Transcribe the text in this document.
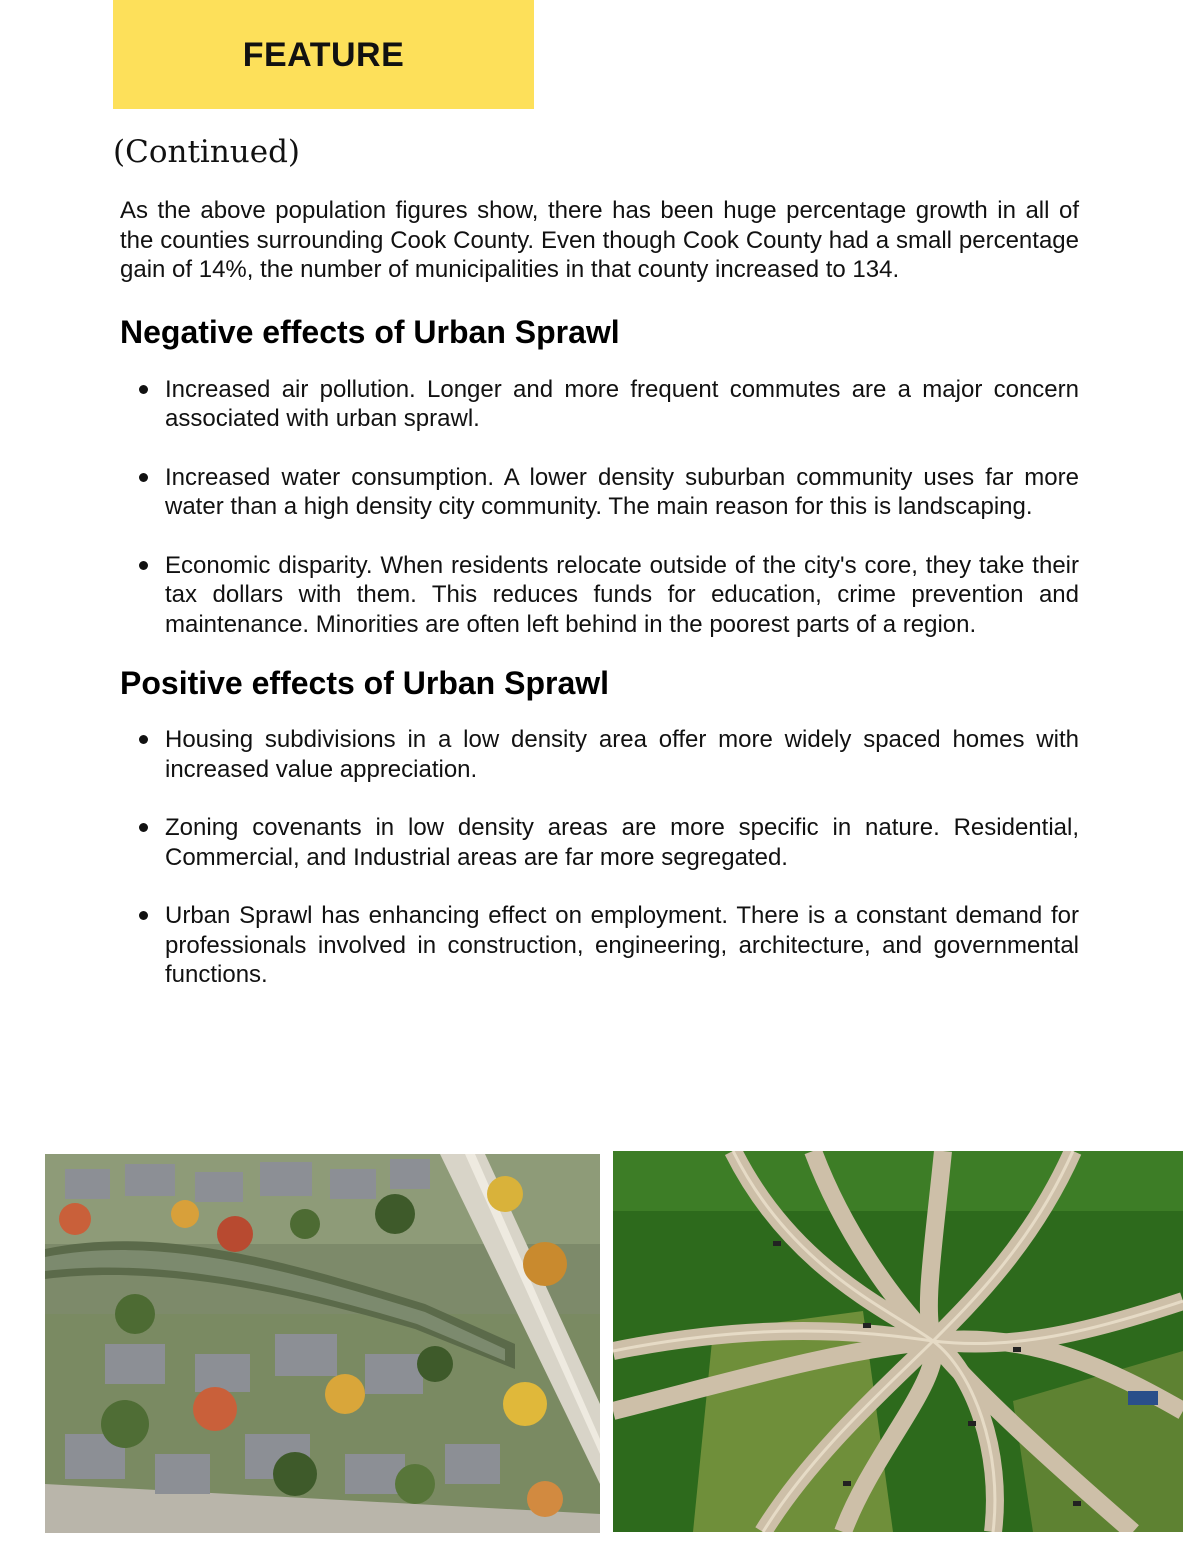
FEATURE
(Continued)

As the above population figures show, there has been huge percentage growth in all of the counties surrounding Cook County. Even though Cook County had a small percentage gain of 14%, the number of municipalities in that county increased to 134.

Negative effects of Urban Sprawl
Increased air pollution. Longer and more frequent commutes are a major concern associated with urban sprawl.
Increased water consumption. A lower density suburban community uses far more water than a high density city community. The main reason for this is landscaping.
Economic disparity. When residents relocate outside of the city's core, they take their tax dollars with them. This reduces funds for education, crime prevention and maintenance. Minorities are often left behind in the poorest parts of a region.
Positive effects of Urban Sprawl
Housing subdivisions in a low density area offer more widely spaced homes with increased value appreciation.
Zoning covenants in low density areas are more specific in nature. Residential, Commercial, and Industrial areas are far more segregated.
Urban Sprawl has enhancing effect on employment. There is a constant demand for professionals involved in construction, engineering, architecture, and governmental functions.
